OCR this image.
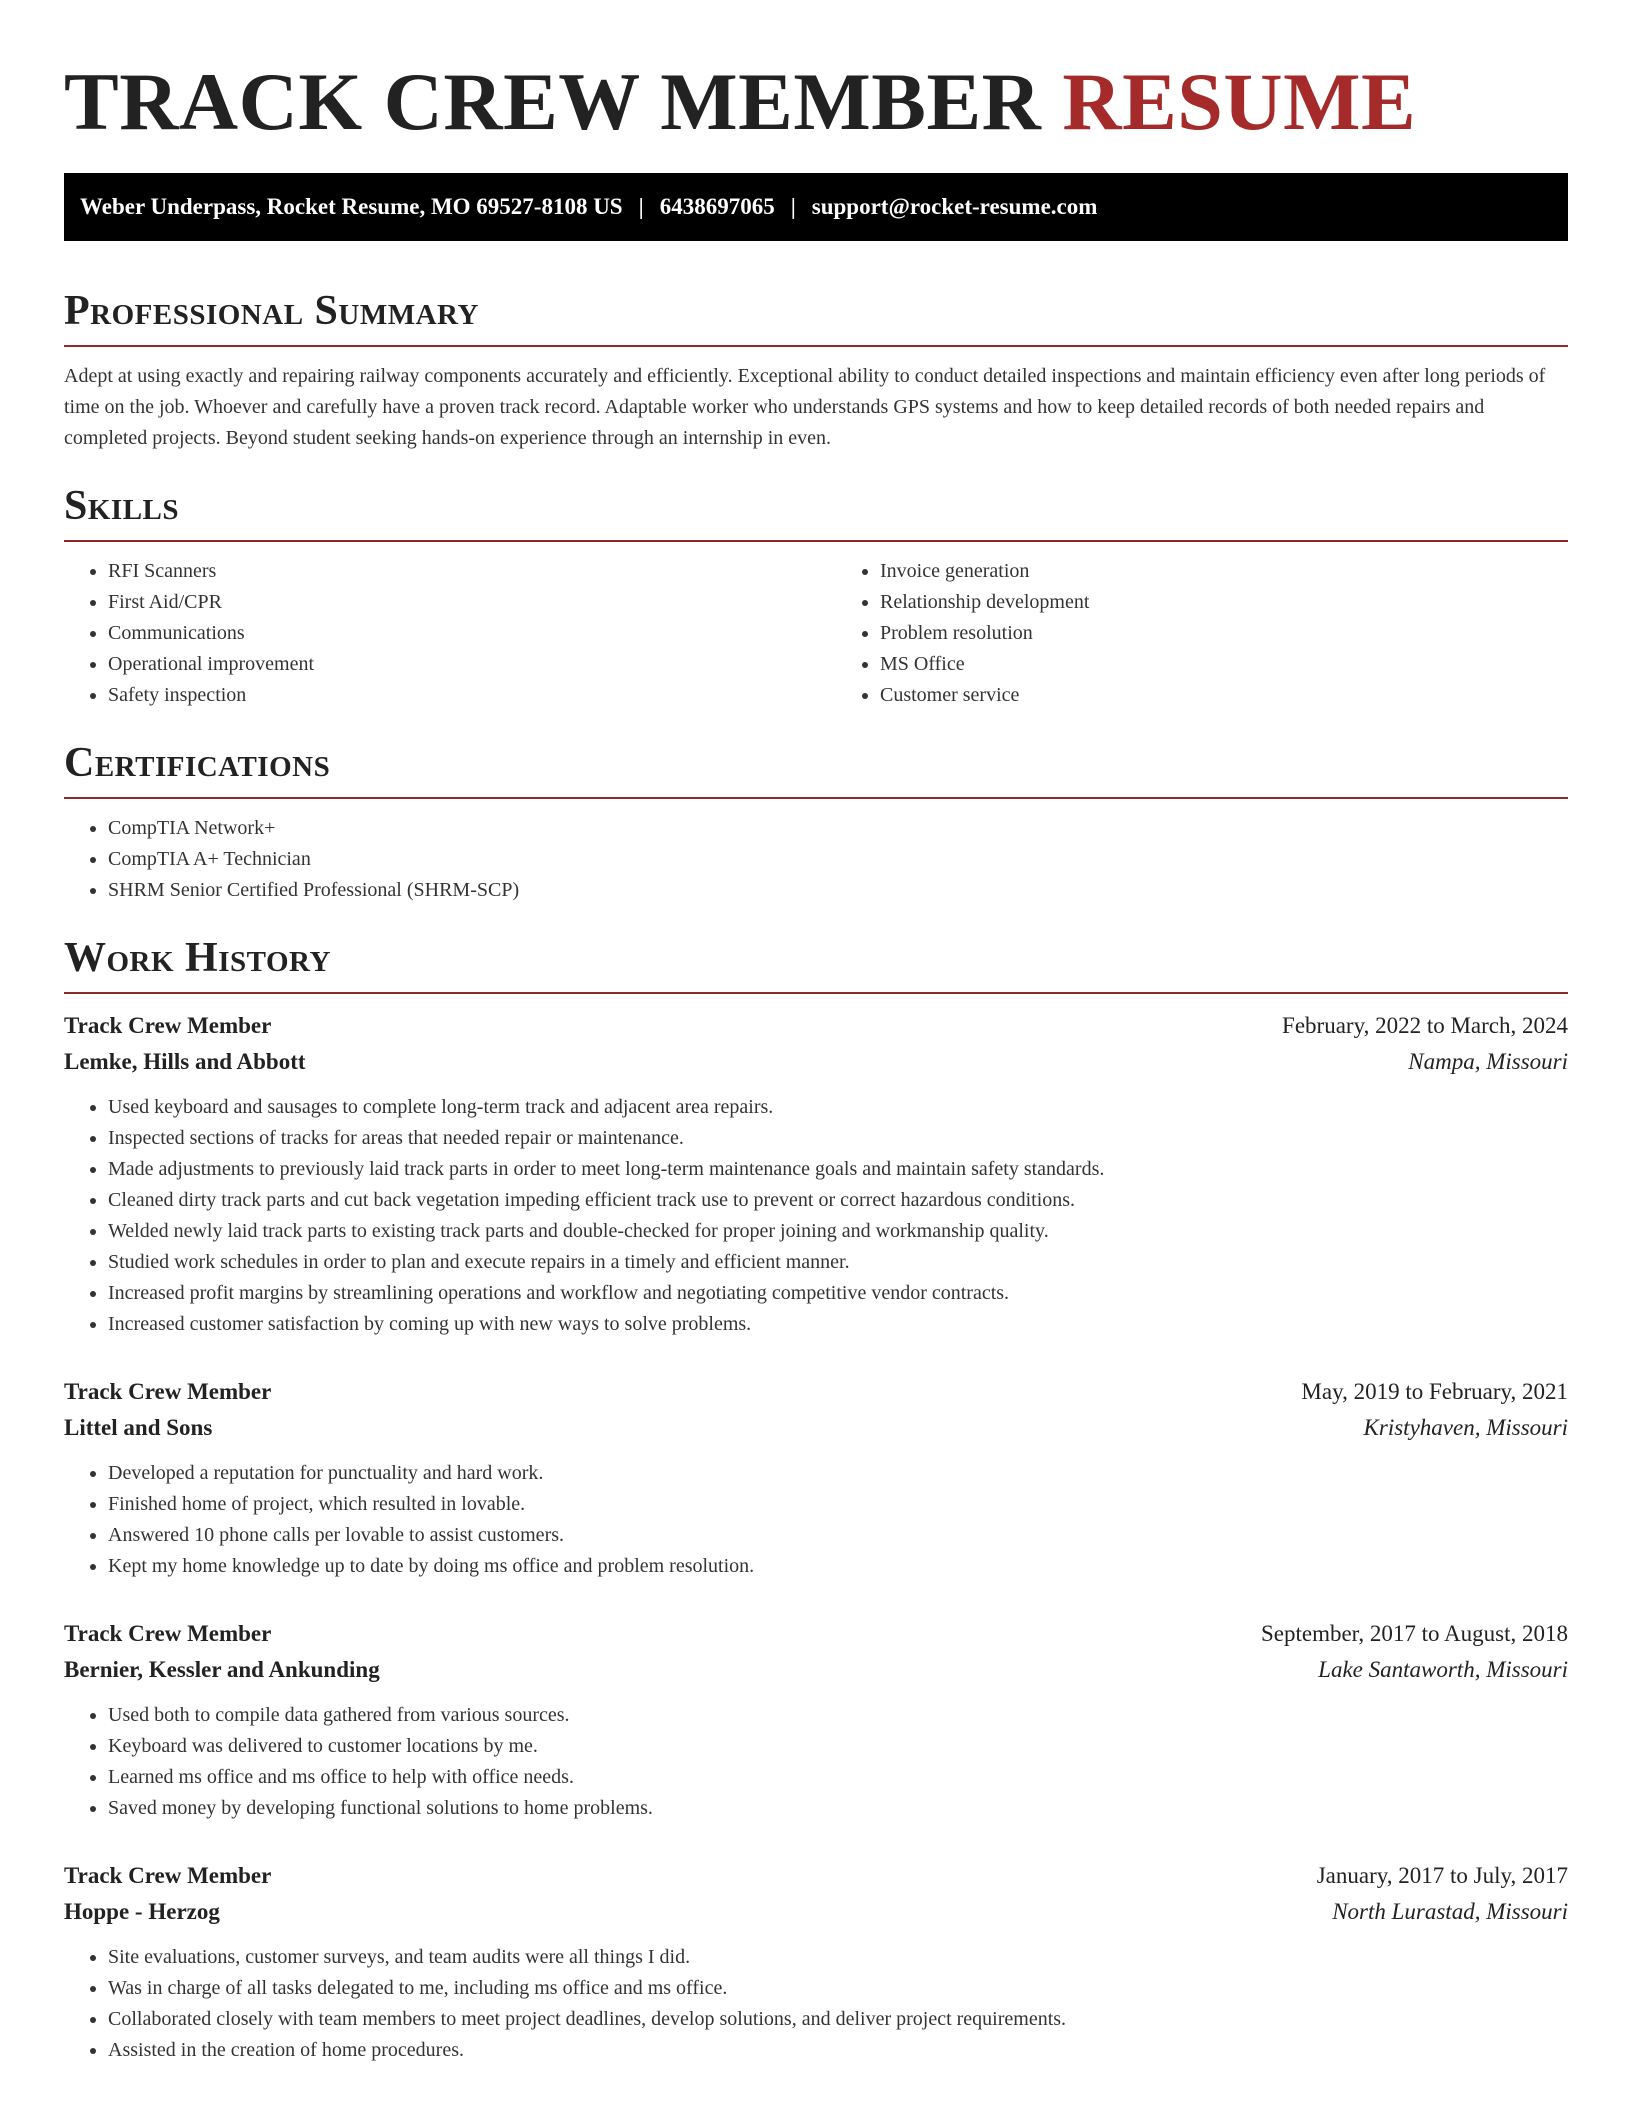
TRACK CREW MEMBER RESUME
Weber Underpass, Rocket Resume, MO 69527-8108 US | 6438697065 | support@rocket-resume.com
Professional Summary

Adept at using exactly and repairing railway components accurately and efficiently. Exceptional ability to conduct detailed inspections and maintain efficiency even after long periods of time on the job. Whoever and carefully have a proven track record. Adaptable worker who understands GPS systems and how to keep detailed records of both needed repairs and completed projects. Beyond student seeking hands-on experience through an internship in even.

Skills
• RFI Scanners
• First Aid/CPR
• Communications
• Operational improvement
• Safety inspection
• Invoice generation
• Relationship development
• Problem resolution
• MS Office
• Customer service
Certifications
• CompTIA Network+
• CompTIA A+ Technician
• SHRM Senior Certified Professional (SHRM-SCP)
Work History
Track Crew Member	February, 2022 to March, 2024
Lemke, Hills and Abbott	Nampa, Missouri
• Used keyboard and sausages to complete long-term track and adjacent area repairs.
• Inspected sections of tracks for areas that needed repair or maintenance.
• Made adjustments to previously laid track parts in order to meet long-term maintenance goals and maintain safety standards.
• Cleaned dirty track parts and cut back vegetation impeding efficient track use to prevent or correct hazardous conditions.
• Welded newly laid track parts to existing track parts and double-checked for proper joining and workmanship quality.
• Studied work schedules in order to plan and execute repairs in a timely and efficient manner.
• Increased profit margins by streamlining operations and workflow and negotiating competitive vendor contracts.
• Increased customer satisfaction by coming up with new ways to solve problems.
Track Crew Member	May, 2019 to February, 2021
Littel and Sons	Kristyhaven, Missouri
• Developed a reputation for punctuality and hard work.
• Finished home of project, which resulted in lovable.
• Answered 10 phone calls per lovable to assist customers.
• Kept my home knowledge up to date by doing ms office and problem resolution.
Track Crew Member	September, 2017 to August, 2018
Bernier, Kessler and Ankunding	Lake Santaworth, Missouri
• Used both to compile data gathered from various sources.
• Keyboard was delivered to customer locations by me.
• Learned ms office and ms office to help with office needs.
• Saved money by developing functional solutions to home problems.
Track Crew Member	January, 2017 to July, 2017
Hoppe - Herzog	North Lurastad, Missouri
• Site evaluations, customer surveys, and team audits were all things I did.
• Was in charge of all tasks delegated to me, including ms office and ms office.
• Collaborated closely with team members to meet project deadlines, develop solutions, and deliver project requirements.
• Assisted in the creation of home procedures.
